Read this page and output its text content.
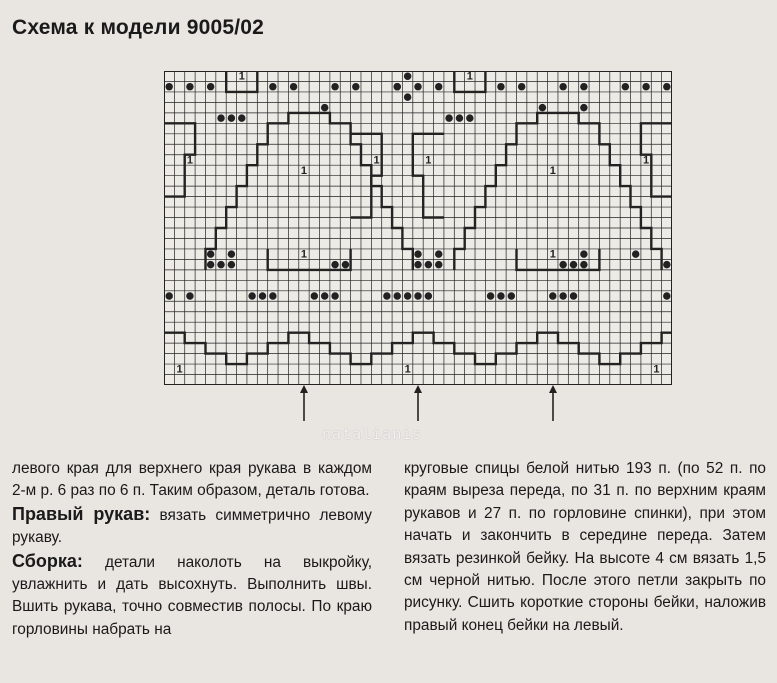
Схема к модели 9005/02
1	1
1
1
1
1
1	1	1	1
1	1	1
natalianis

левого края для верхнего края рукава в каждом 2-м р. 6 раз по 6 п. Таким образом, деталь готова.

Правый рукав: вязать симметрично левому рукаву.

Сборка: детали наколоть на выкройку, увлажнить и дать высохнуть. Выполнить швы. Вшить рукава, точно совместив полосы. По краю горловины набрать на

круговые спицы белой нитью 193 п. (по 52 п. по краям выреза переда, по 31 п. по верхним краям рукавов и 27 п. по горловине спинки), при этом начать и закончить в середине переда. Затем вязать резинкой бейку. На высоте 4 см вязать 1,5 см черной нитью. После этого петли закрыть по рисунку. Сшить короткие стороны бейки, наложив правый конец бейки на левый.
